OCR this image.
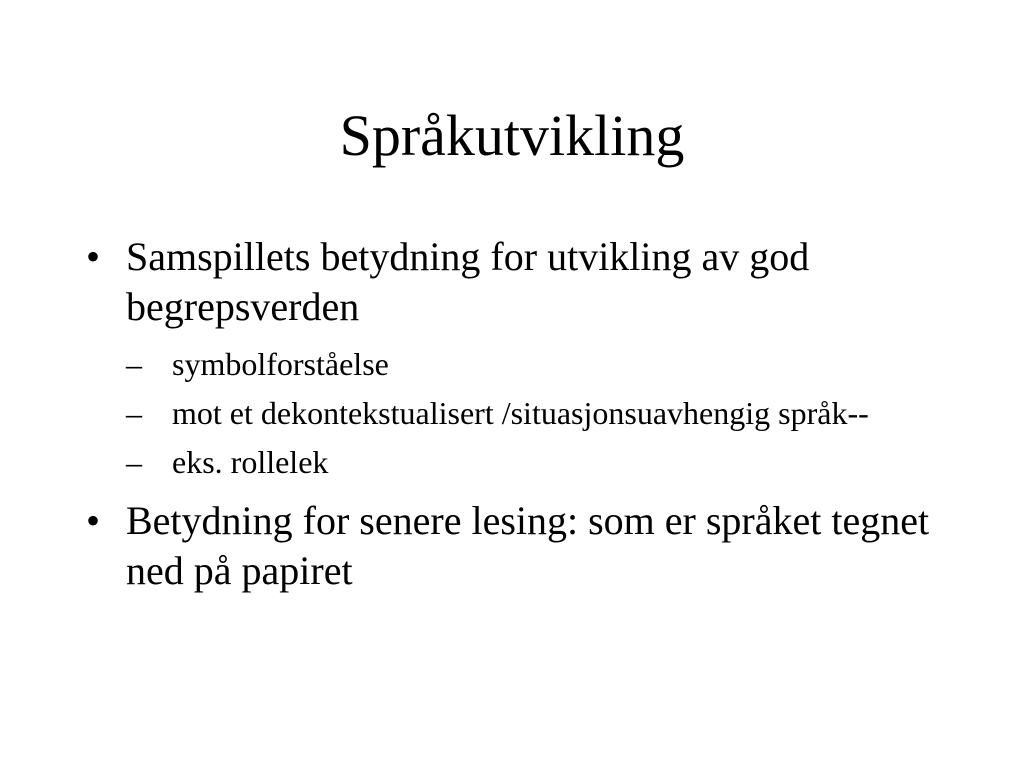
Språkutvikling
• Samspillets betydning for utvikling av god begrepsverden
– symbolforståelse
– mot et dekontekstualisert /situasjonsuavhengig språk--
– eks. rollelek
• Betydning for senere lesing: som er språket tegnet ned på papiret
